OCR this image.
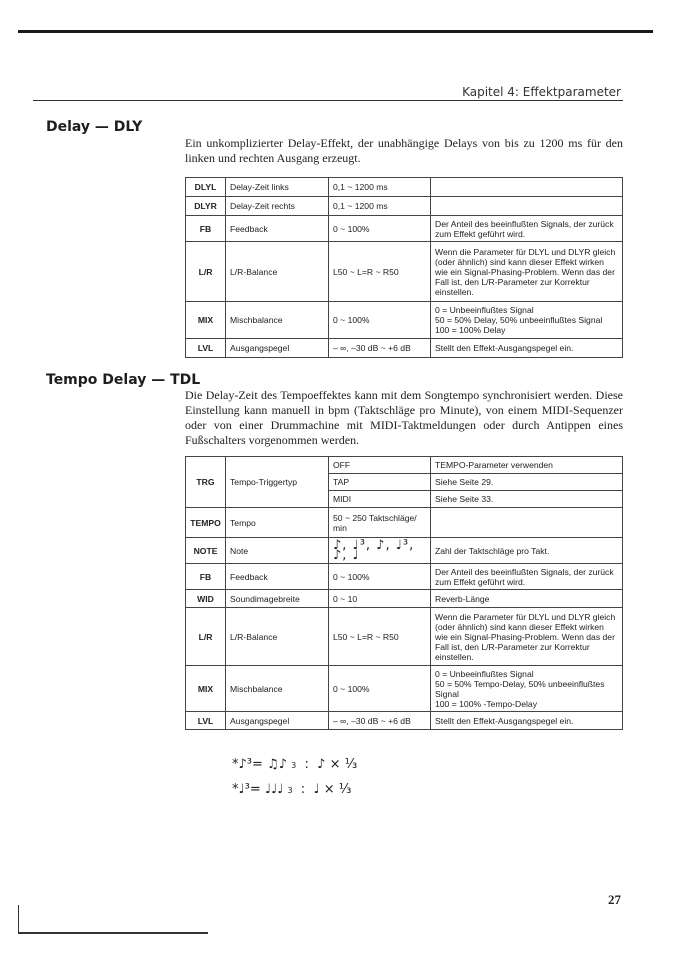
Kapitel 4: Effektparameter
Delay — DLY
Ein unkomplizierter Delay-Effekt, der unabhängige Delays von bis zu 1200 ms für den linken und rechten Ausgang erzeugt.
DLYL	Delay-Zeit links	0,1 ~ 1200 ms	
DLYR	Delay-Zeit rechts	0,1 ~ 1200 ms	
FB	Feedback	0 ~ 100%	Der Anteil des beeinflußten Signals, der zurück zum Effekt geführt wird.
L/R	L/R-Balance	L50 ~ L=R ~ R50	Wenn die Parameter für DLYL und DLYR gleich (oder ähnlich) sind kann dieser Effekt wirken wie ein Signal-Phasing-Problem. Wenn das der Fall ist, den L/R-Parameter zur Korrektur einstellen.
MIX	Mischbalance	0 ~ 100%	0 = Unbeeinflußtes Signal
50 = 50% Delay, 50% unbeeinflußtes Signal
100 = 100% Delay
LVL	Ausgangspegel	– ∞, –30 dB ~ +6 dB	Stellt den Effekt-Ausgangspegel ein.
Tempo Delay — TDL
Die Delay-Zeit des Tempoeffektes kann mit dem Songtempo synchronisiert werden. Diese Einstellung kann manuell in bpm (Taktschläge pro Minute), von einem MIDI-Sequenzer oder von einer Drummachine mit MIDI-Taktmeldungen oder durch Antippen eines Fußschalters vorgenommen werden.
TRG	Tempo-Triggertyp	OFF	TEMPO-Parameter verwenden
		TAP	Siehe Seite 29.
		MIDI	Siehe Seite 33.
TEMPO	Tempo	50 ~ 250 Taktschläge/ min	
NOTE	Note	♪, ♩³, ♪, ♩³, ♪, ♩	Zahl der Taktschläge pro Takt.
FB	Feedback	0 ~ 100%	Der Anteil des beeinflußten Signals, der zurück zum Effekt geführt wird.
WID	Soundimagebreite	0 ~ 10	Reverb-Länge
L/R	L/R-Balance	L50 ~ L=R ~ R50	Wenn die Parameter für DLYL und DLYR gleich (oder ähnlich) sind kann dieser Effekt wirken wie ein Signal-Phasing-Problem. Wenn das der Fall ist, den L/R-Parameter zur Korrektur einstellen.
MIX	Mischbalance	0 ~ 100%	0 = Unbeeinflußtes Signal
50 = 50% Tempo-Delay, 50% unbeeinflußtes Signal
100 = 100% -Tempo-Delay
LVL	Ausgangspegel	– ∞, –30 dB ~ +6 dB	Stellt den Effekt-Ausgangspegel ein.
*♪³= ♫♪ 3 : ♪ × ⅓
*♩³= ♩♩♩ 3 : ♩ × ⅓
27
